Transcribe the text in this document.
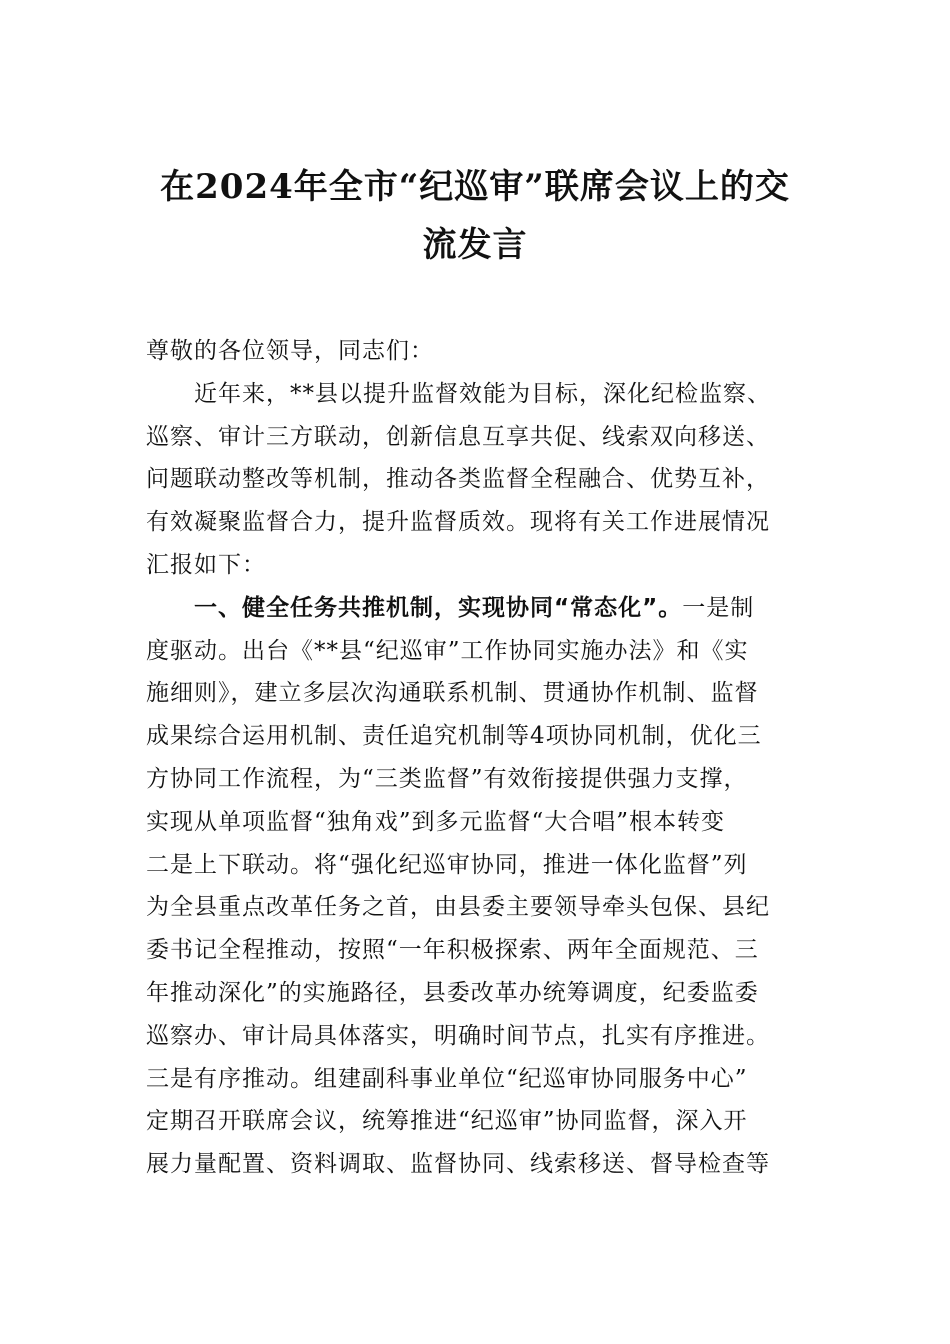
在2024年全市“纪巡审”联席会议上的交
流发言
尊敬的各位领导，同志们：
　　近年来，**县以提升监督效能为目标，深化纪检监察、
巡察、审计三方联动，创新信息互享共促、线索双向移送、
问题联动整改等机制，推动各类监督全程融合、优势互补，
有效凝聚监督合力，提升监督质效。现将有关工作进展情况
汇报如下：
　　一、健全任务共推机制，实现协同“常态化”。一是制
度驱动。出台《**县“纪巡审”工作协同实施办法》和《实
施细则》，建立多层次沟通联系机制、贯通协作机制、监督
成果综合运用机制、责任追究机制等4项协同机制，优化三
方协同工作流程，为“三类监督”有效衔接提供强力支撑，
实现从单项监督“独角戏”到多元监督“大合唱”根本转变
二是上下联动。将“强化纪巡审协同，推进一体化监督”列
为全县重点改革任务之首，由县委主要领导牵头包保、县纪
委书记全程推动，按照“一年积极探索、两年全面规范、三
年推动深化”的实施路径，县委改革办统筹调度，纪委监委
巡察办、审计局具体落实，明确时间节点，扎实有序推进。
三是有序推动。组建副科事业单位“纪巡审协同服务中心”
定期召开联席会议，统筹推进“纪巡审”协同监督，深入开
展力量配置、资料调取、监督协同、线索移送、督导检查等
